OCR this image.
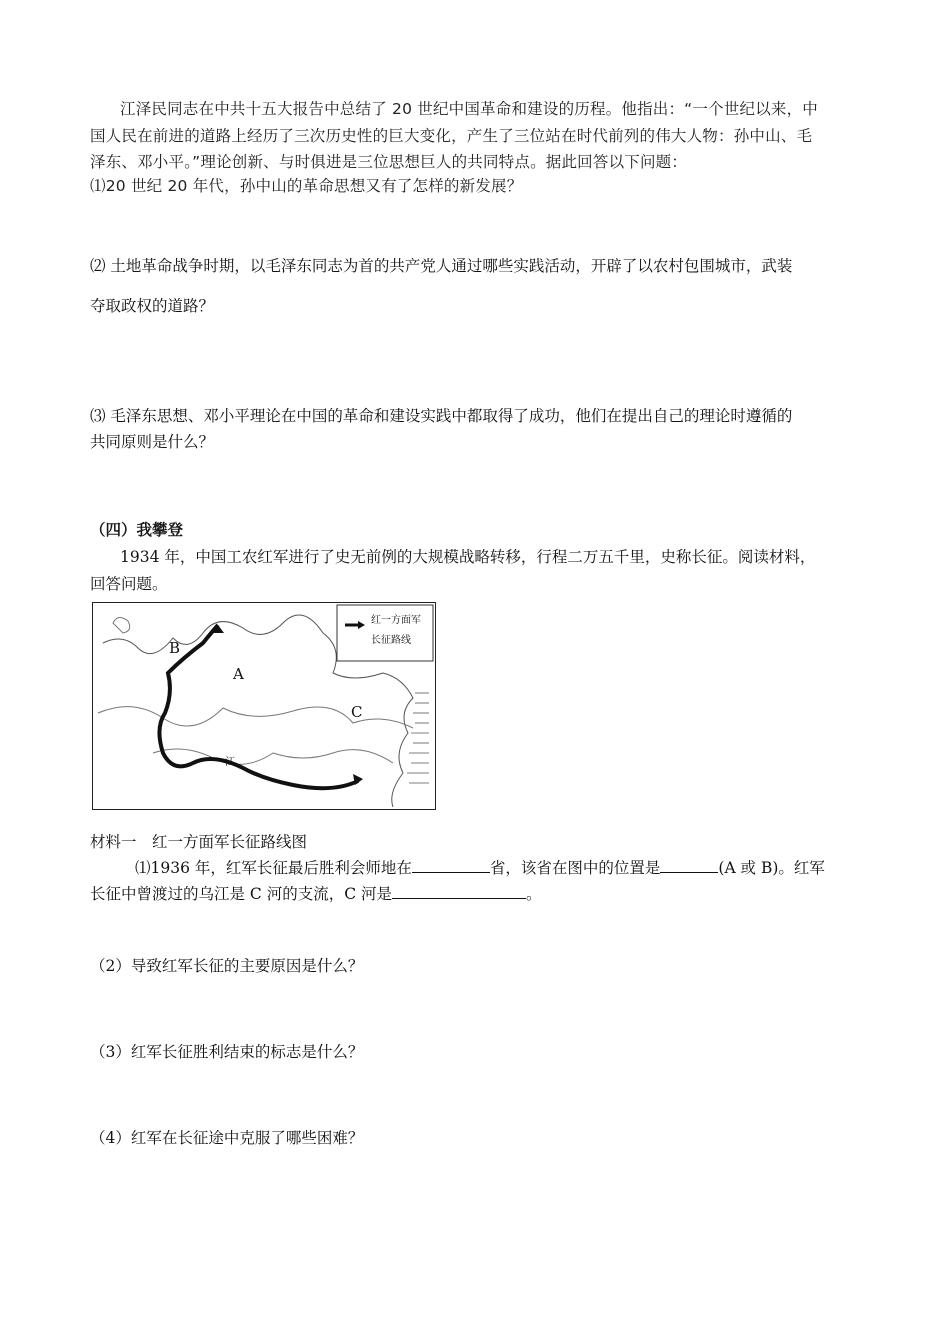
江泽民同志在中共十五大报告中总结了 20 世纪中国革命和建设的历程。他指出：“一个世纪以来，中
国人民在前进的道路上经历了三次历史性的巨大变化，产生了三位站在时代前列的伟大人物：孙中山、毛
泽东、邓小平。”理论创新、与时俱进是三位思想巨人的共同特点。据此回答以下问题：
⑴20 世纪 20 年代，孙中山的革命思想又有了怎样的新发展？
⑵ 土地革命战争时期，以毛泽东同志为首的共产党人通过哪些实践活动，开辟了以农村包围城市，武装
夺取政权的道路？
⑶ 毛泽东思想、邓小平理论在中国的革命和建设实践中都取得了成功，他们在提出自己的理论时遵循的
共同原则是什么？
（四）我攀登
1934 年，中国工农红军进行了史无前例的大规模战略转移，行程二万五千里，史称长征。阅读材料，
回答问题。
红一方面军
长征路线
B
A
C
江
材料一　红一方面军长征路线图
⑴1936 年，红军长征最后胜利会师地在	省，该省在图中的位置是	(A 或 B)。红军
长征中曾渡过的乌江是 C 河的支流，C 河是	。
（2）导致红军长征的主要原因是什么？
（3）红军长征胜利结束的标志是什么？
（4）红军在长征途中克服了哪些困难？
